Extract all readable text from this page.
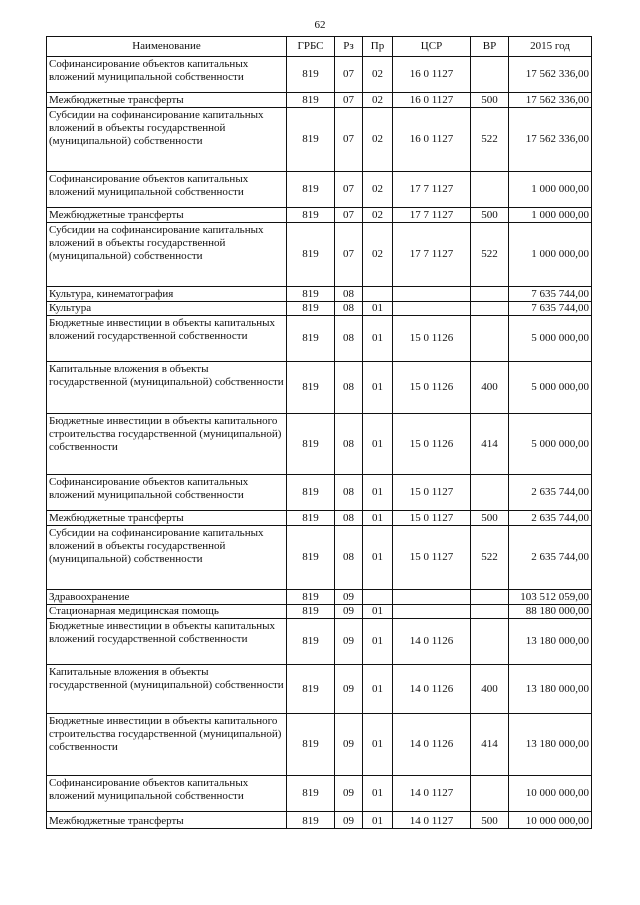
62
Наименование	ГРБС	Рз	Пр	ЦСР	ВР	2015 год
Софинансирование объектов капитальных вложений муниципальной собственности	819	07	02	16 0 1127		17 562 336,00
Межбюджетные трансферты	819	07	02	16 0 1127	500	17 562 336,00
Субсидии на софинансирование капитальных вложений в объекты государственной (муниципальной) собственности	819	07	02	16 0 1127	522	17 562 336,00
Софинансирование объектов капитальных вложений муниципальной собственности	819	07	02	17 7 1127		1 000 000,00
Межбюджетные трансферты	819	07	02	17 7 1127	500	1 000 000,00
Субсидии на софинансирование капитальных вложений в объекты государственной (муниципальной) собственности	819	07	02	17 7 1127	522	1 000 000,00
Культура, кинематография	819	08				7 635 744,00
Культура	819	08	01			7 635 744,00
Бюджетные инвестиции в объекты капитальных вложений государственной собственности	819	08	01	15 0 1126		5 000 000,00
Капитальные вложения в объекты государственной (муниципальной) собственности	819	08	01	15 0 1126	400	5 000 000,00
Бюджетные инвестиции в объекты капитального строительства государственной (муниципальной) собственности	819	08	01	15 0 1126	414	5 000 000,00
Софинансирование объектов капитальных вложений муниципальной собственности	819	08	01	15 0 1127		2 635 744,00
Межбюджетные трансферты	819	08	01	15 0 1127	500	2 635 744,00
Субсидии на софинансирование капитальных вложений в объекты государственной (муниципальной) собственности	819	08	01	15 0 1127	522	2 635 744,00
Здравоохранение	819	09				103 512 059,00
Стационарная медицинская помощь	819	09	01			88 180 000,00
Бюджетные инвестиции в объекты капитальных вложений государственной собственности	819	09	01	14 0 1126		13 180 000,00
Капитальные вложения в объекты государственной (муниципальной) собственности	819	09	01	14 0 1126	400	13 180 000,00
Бюджетные инвестиции в объекты капитального строительства государственной (муниципальной) собственности	819	09	01	14 0 1126	414	13 180 000,00
Софинансирование объектов капитальных вложений муниципальной собственности	819	09	01	14 0 1127		10 000 000,00
Межбюджетные трансферты	819	09	01	14 0 1127	500	10 000 000,00
